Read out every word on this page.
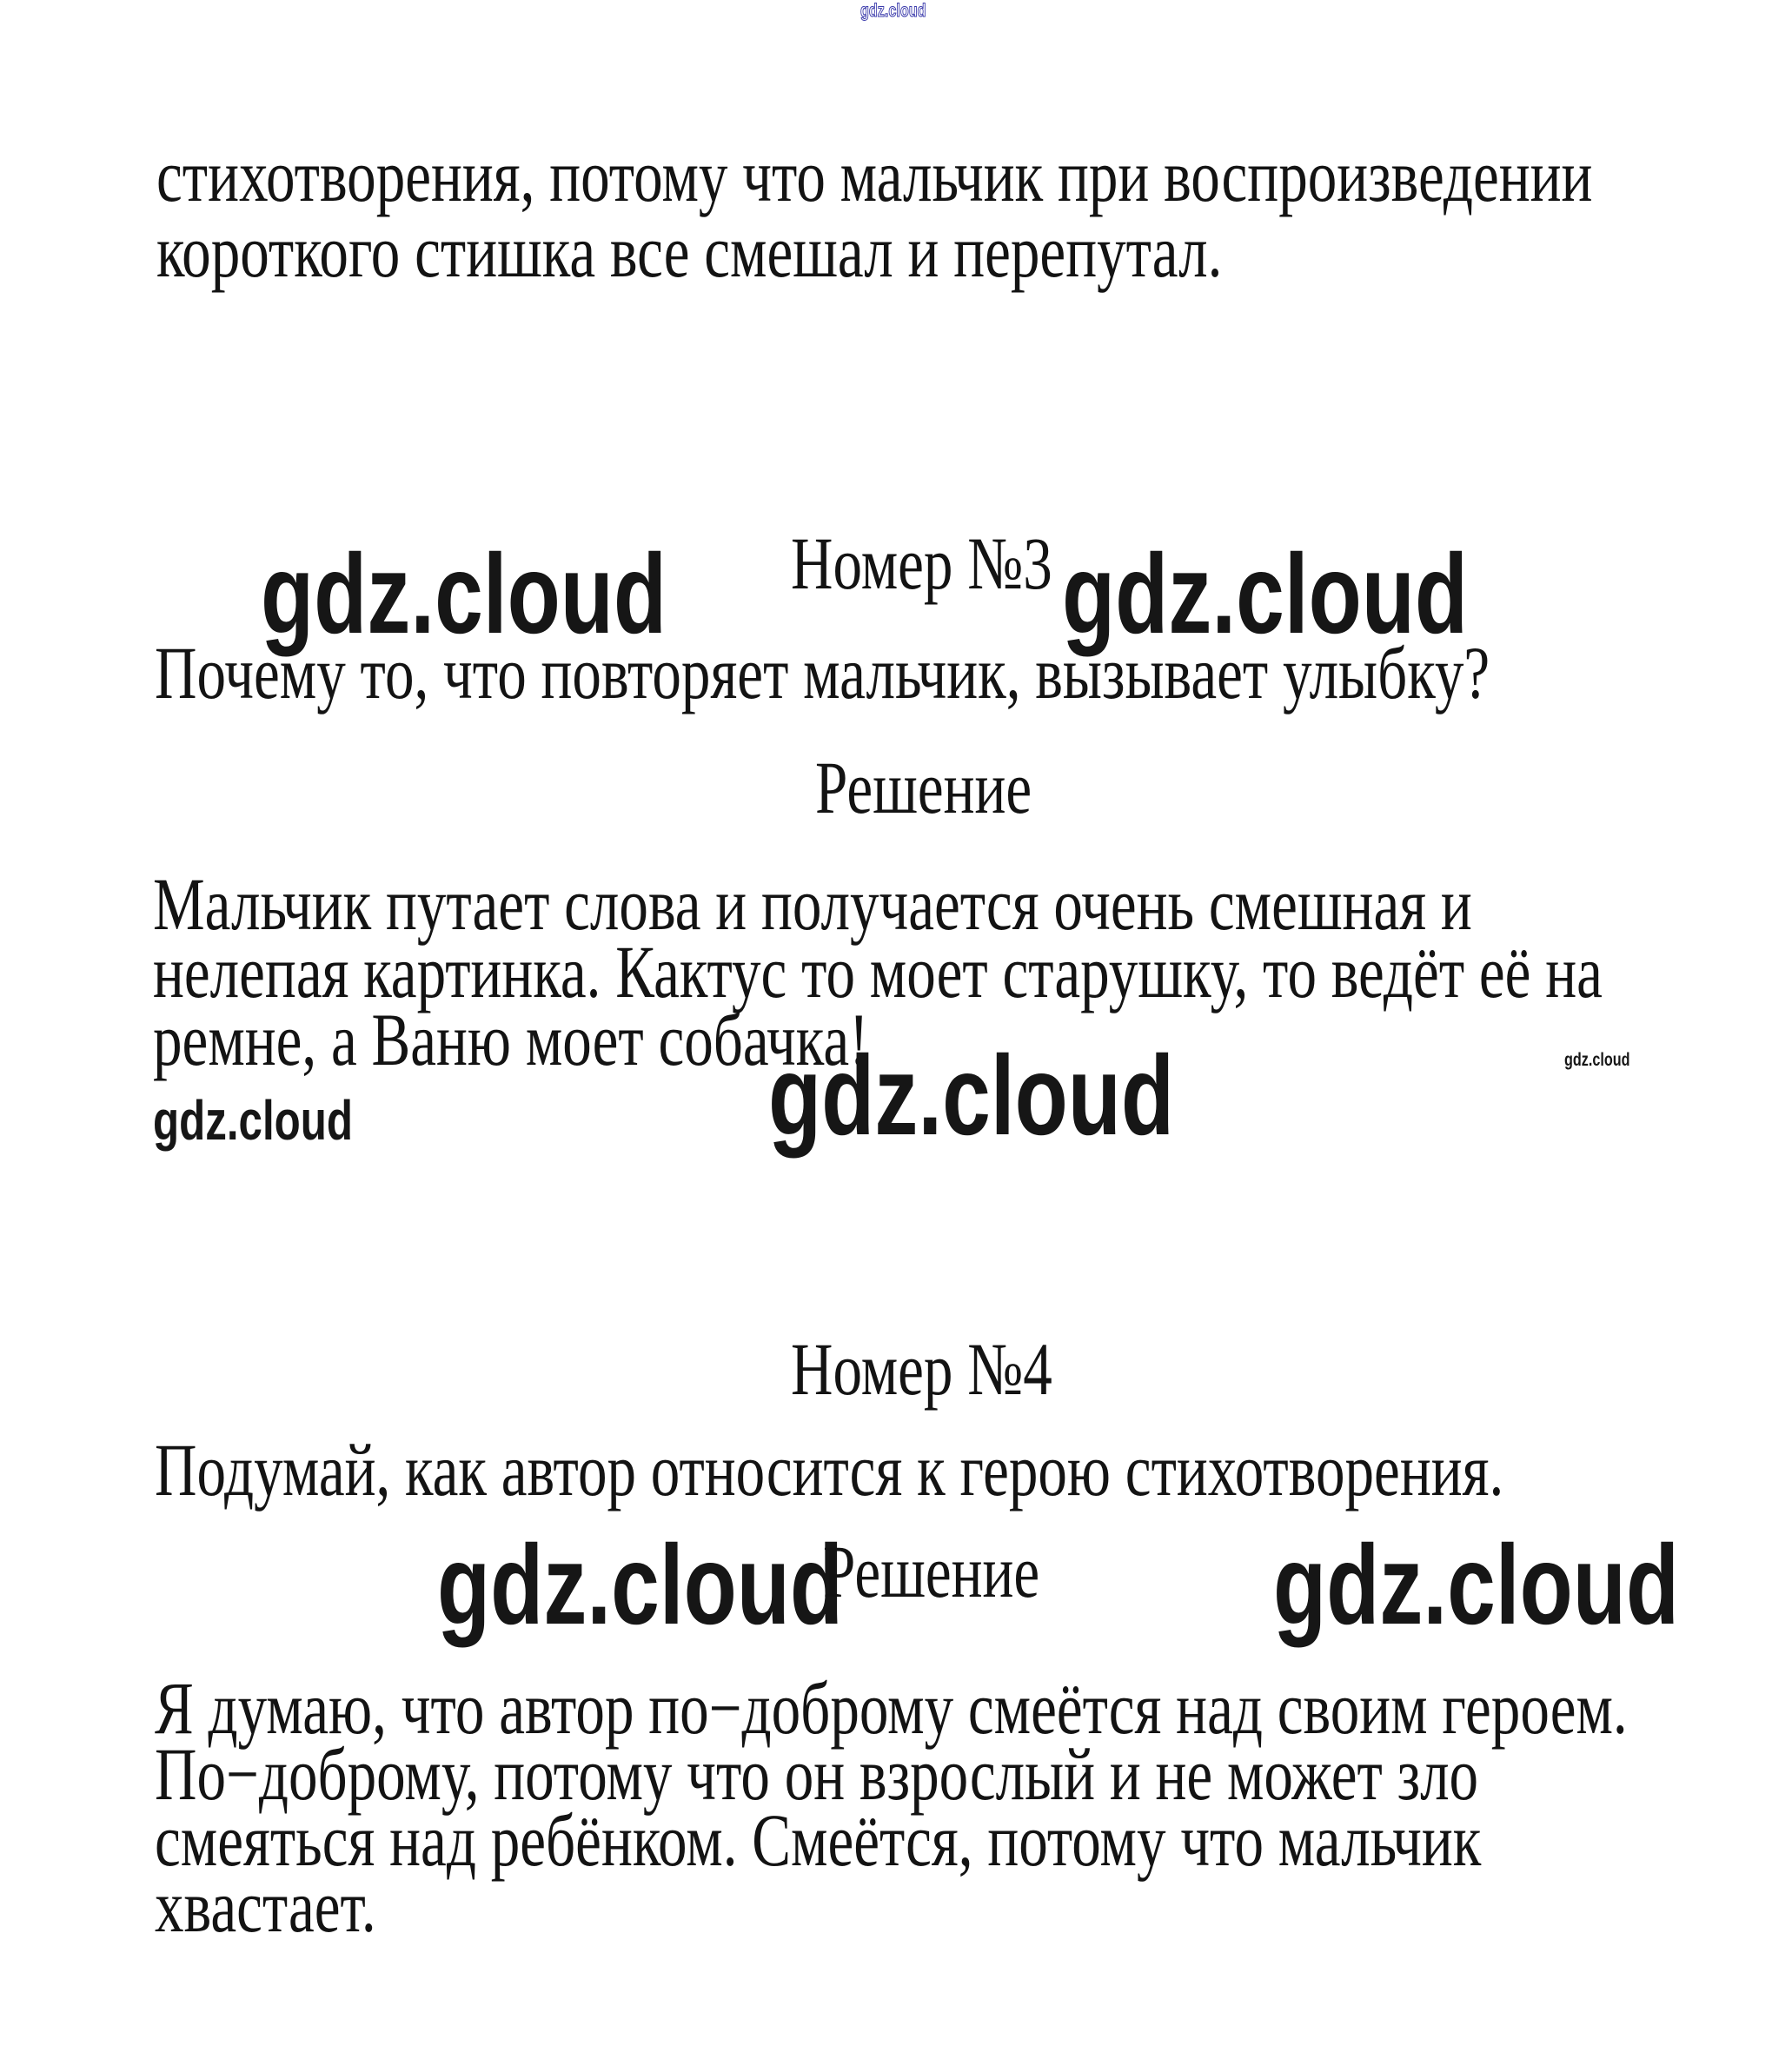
gdz.cloud
стихотворения, потому что мальчик при воспроизведении
короткого стишка все смешал и перепутал.
gdz.cloud Номер №3 gdz.cloud
Почему то, что повторяет мальчик, вызывает улыбку?
Решение
Мальчик путает слова и получается очень смешная и
нелепая картинка. Кактус то моет старушку, то ведёт её на
ремне, а Ваню моет собачка!	gdz.cloud
gdz.cloud
gdz.cloud
Номер №4
Подумай, как автор относится к герою стихотворения.
gdz.cloud
Решение gdz.cloud
Я думаю, что автор по−доброму смеётся над своим героем.
По−доброму, потому что он взрослый и не может зло
смеяться над ребёнком. Смеётся, потому что мальчик
хвастает.
